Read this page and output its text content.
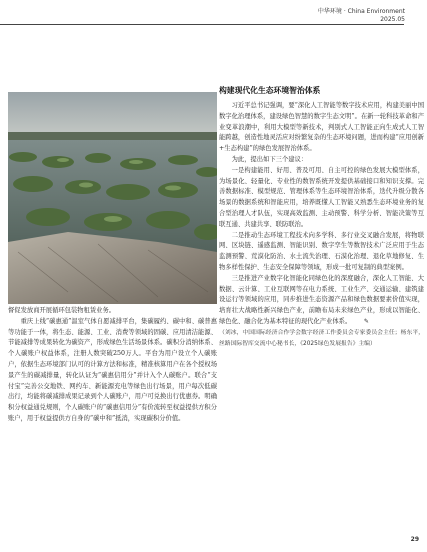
中华环境 · China Environment
2025.05

督促发放商开展循环包装物租赁业务。

重庆上线“碳惠通”温室气体自愿减排平台，集碳履约、碳中和、碳普惠等功能于一体，将生态、能源、工业、消费等领域的固碳、应用清洁能源、节能减排等成果转化为碳资产，形成绿色生活场景体系。碳积分消纳体系、个人碳账户权益体系，注册人数突破250万人。平台为用户设立个人碳账户，依据生态环境部门认可的计算方法和标准，精准核算用户在各个授权场景产生的碳减排量，转化认证为“碳惠信用分”并计入个人碳账户。联合“支付宝”完善公交地铁、网约车、新能源充电等绿色出行场景，用户每次低碳出行，均能将碳减排成果记录到个人碳账户，用户可兑换出行优惠券。明确积分权益通兑规则，个人碳账户的“碳惠信用分”有价流转至权益提供方积分账户，用于权益提供方自身的“碳中和”抵消，实现碳积分价值。

构建现代化生态环境智治体系

习近平总书记强调，要“深化人工智能等数字技术应用，构建美丽中国数字化治理体系，建设绿色智慧的数字生态文明”。在新一轮科技革命和产业变革浪潮中，利用大模型等新技术，判别式人工智能正向生成式人工智能跨越，创造性地灵活应对纷繁复杂的生态环境问题，进而构建“应用创新+生态构建”的绿色发展智治体系。

为此，提出如下三个建议：

一是构建能用、好用、普及可用、自主可控的绿色发展大模型体系，为场景化、轻量化、专业性的数智系统开发提供基础接口和知识支撑。完善数据标准、模型规范、管理体系等生态环境智治体系，迭代升级分散各场景的数据系统和智能应用，培养既懂人工智能又熟悉生态环境业务的复合型治理人才队伍，实现高效监测、主动预警、科学分析、智能决策等互联互通、共建共享、联防联治。

二是推动生态环境工程技术向多学科、多行业交叉融合发展，将物联网、区块链、遥感监测、智能识别、数字孪生等数智技术广泛应用于生态监测预警、荒漠化防治、水土流失治理、石漠化治理、退化草地修复、生物多样性保护、生态安全保障等领域，形成一批可复制的典型案例。

三是推进产业数字化智能化同绿色化的深度融合，深化人工智能、大数据、云计算、工业互联网等在电力系统、工业生产、交通运输、建筑建设运行等领域的应用，同步推进生态资源产品和绿色数据要素价值实现，培育壮大战略性新兴绿色产业，前瞻布局未来绿色产业，形成以智能化、绿色化、融合化为基本特征的现代化产业体系。 ✎

（刘冰，中国国际经济合作学会数字经济工作委员会专家委员会主任；杨东平，丝路国际智库交流中心秘书长，《2025绿色发展报告》主编）

29
